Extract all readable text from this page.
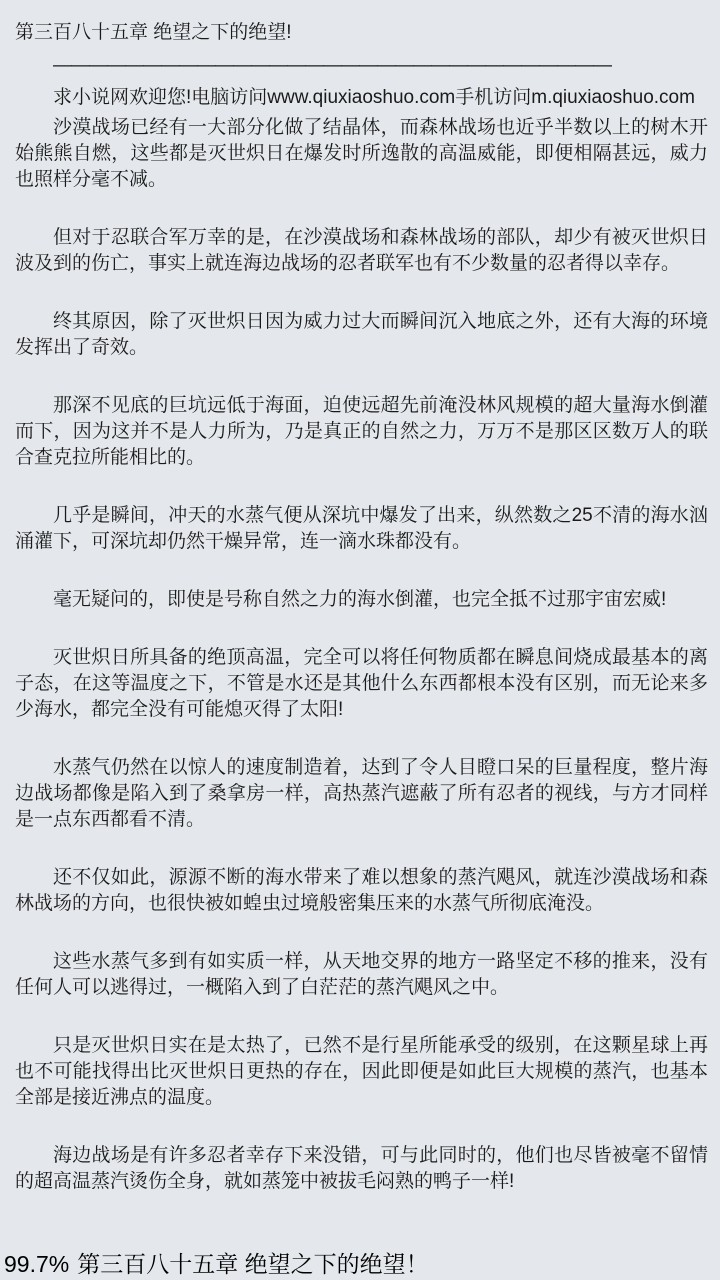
第三百八十五章 绝望之下的绝望!
———————————————————————————————
求小说网欢迎您!电脑访问www.qiuxiaoshuo.com手机访问m.qiuxiaoshuo.com

沙漠战场已经有一大部分化做了结晶体，而森林战场也近乎半数以上的树木开始熊熊自燃，这些都是灭世炽日在爆发时所逸散的高温威能，即便相隔甚远，威力也照样分毫不减。

但对于忍联合军万幸的是，在沙漠战场和森林战场的部队，却少有被灭世炽日波及到的伤亡，事实上就连海边战场的忍者联军也有不少数量的忍者得以幸存。

终其原因，除了灭世炽日因为威力过大而瞬间沉入地底之外，还有大海的环境发挥出了奇效。

那深不见底的巨坑远低于海面，迫使远超先前淹没林风规模的超大量海水倒灌而下，因为这并不是人力所为，乃是真正的自然之力，万万不是那区区数万人的联合查克拉所能相比的。

几乎是瞬间，冲天的水蒸气便从深坑中爆发了出来，纵然数之25不清的海水汹涌灌下，可深坑却仍然干燥异常，连一滴水珠都没有。

毫无疑问的，即使是号称自然之力的海水倒灌，也完全抵不过那宇宙宏威!

灭世炽日所具备的绝顶高温，完全可以将任何物质都在瞬息间烧成最基本的离子态，在这等温度之下，不管是水还是其他什么东西都根本没有区别，而无论来多少海水，都完全没有可能熄灭得了太阳!

水蒸气仍然在以惊人的速度制造着，达到了令人目瞪口呆的巨量程度，整片海边战场都像是陷入到了桑拿房一样，高热蒸汽遮蔽了所有忍者的视线，与方才同样是一点东西都看不清。

还不仅如此，源源不断的海水带来了难以想象的蒸汽飓风，就连沙漠战场和森林战场的方向，也很快被如蝗虫过境般密集压来的水蒸气所彻底淹没。

这些水蒸气多到有如实质一样，从天地交界的地方一路坚定不移的推来，没有任何人可以逃得过，一概陷入到了白茫茫的蒸汽飓风之中。

只是灭世炽日实在是太热了，已然不是行星所能承受的级别，在这颗星球上再也不可能找得出比灭世炽日更热的存在，因此即便是如此巨大规模的蒸汽，也基本全部是接近沸点的温度。

海边战场是有许多忍者幸存下来没错，可与此同时的，他们也尽皆被毫不留情的超高温蒸汽烫伤全身，就如蒸笼中被拔毛闷熟的鸭子一样!

99.7% 第三百八十五章 绝望之下的绝望！
